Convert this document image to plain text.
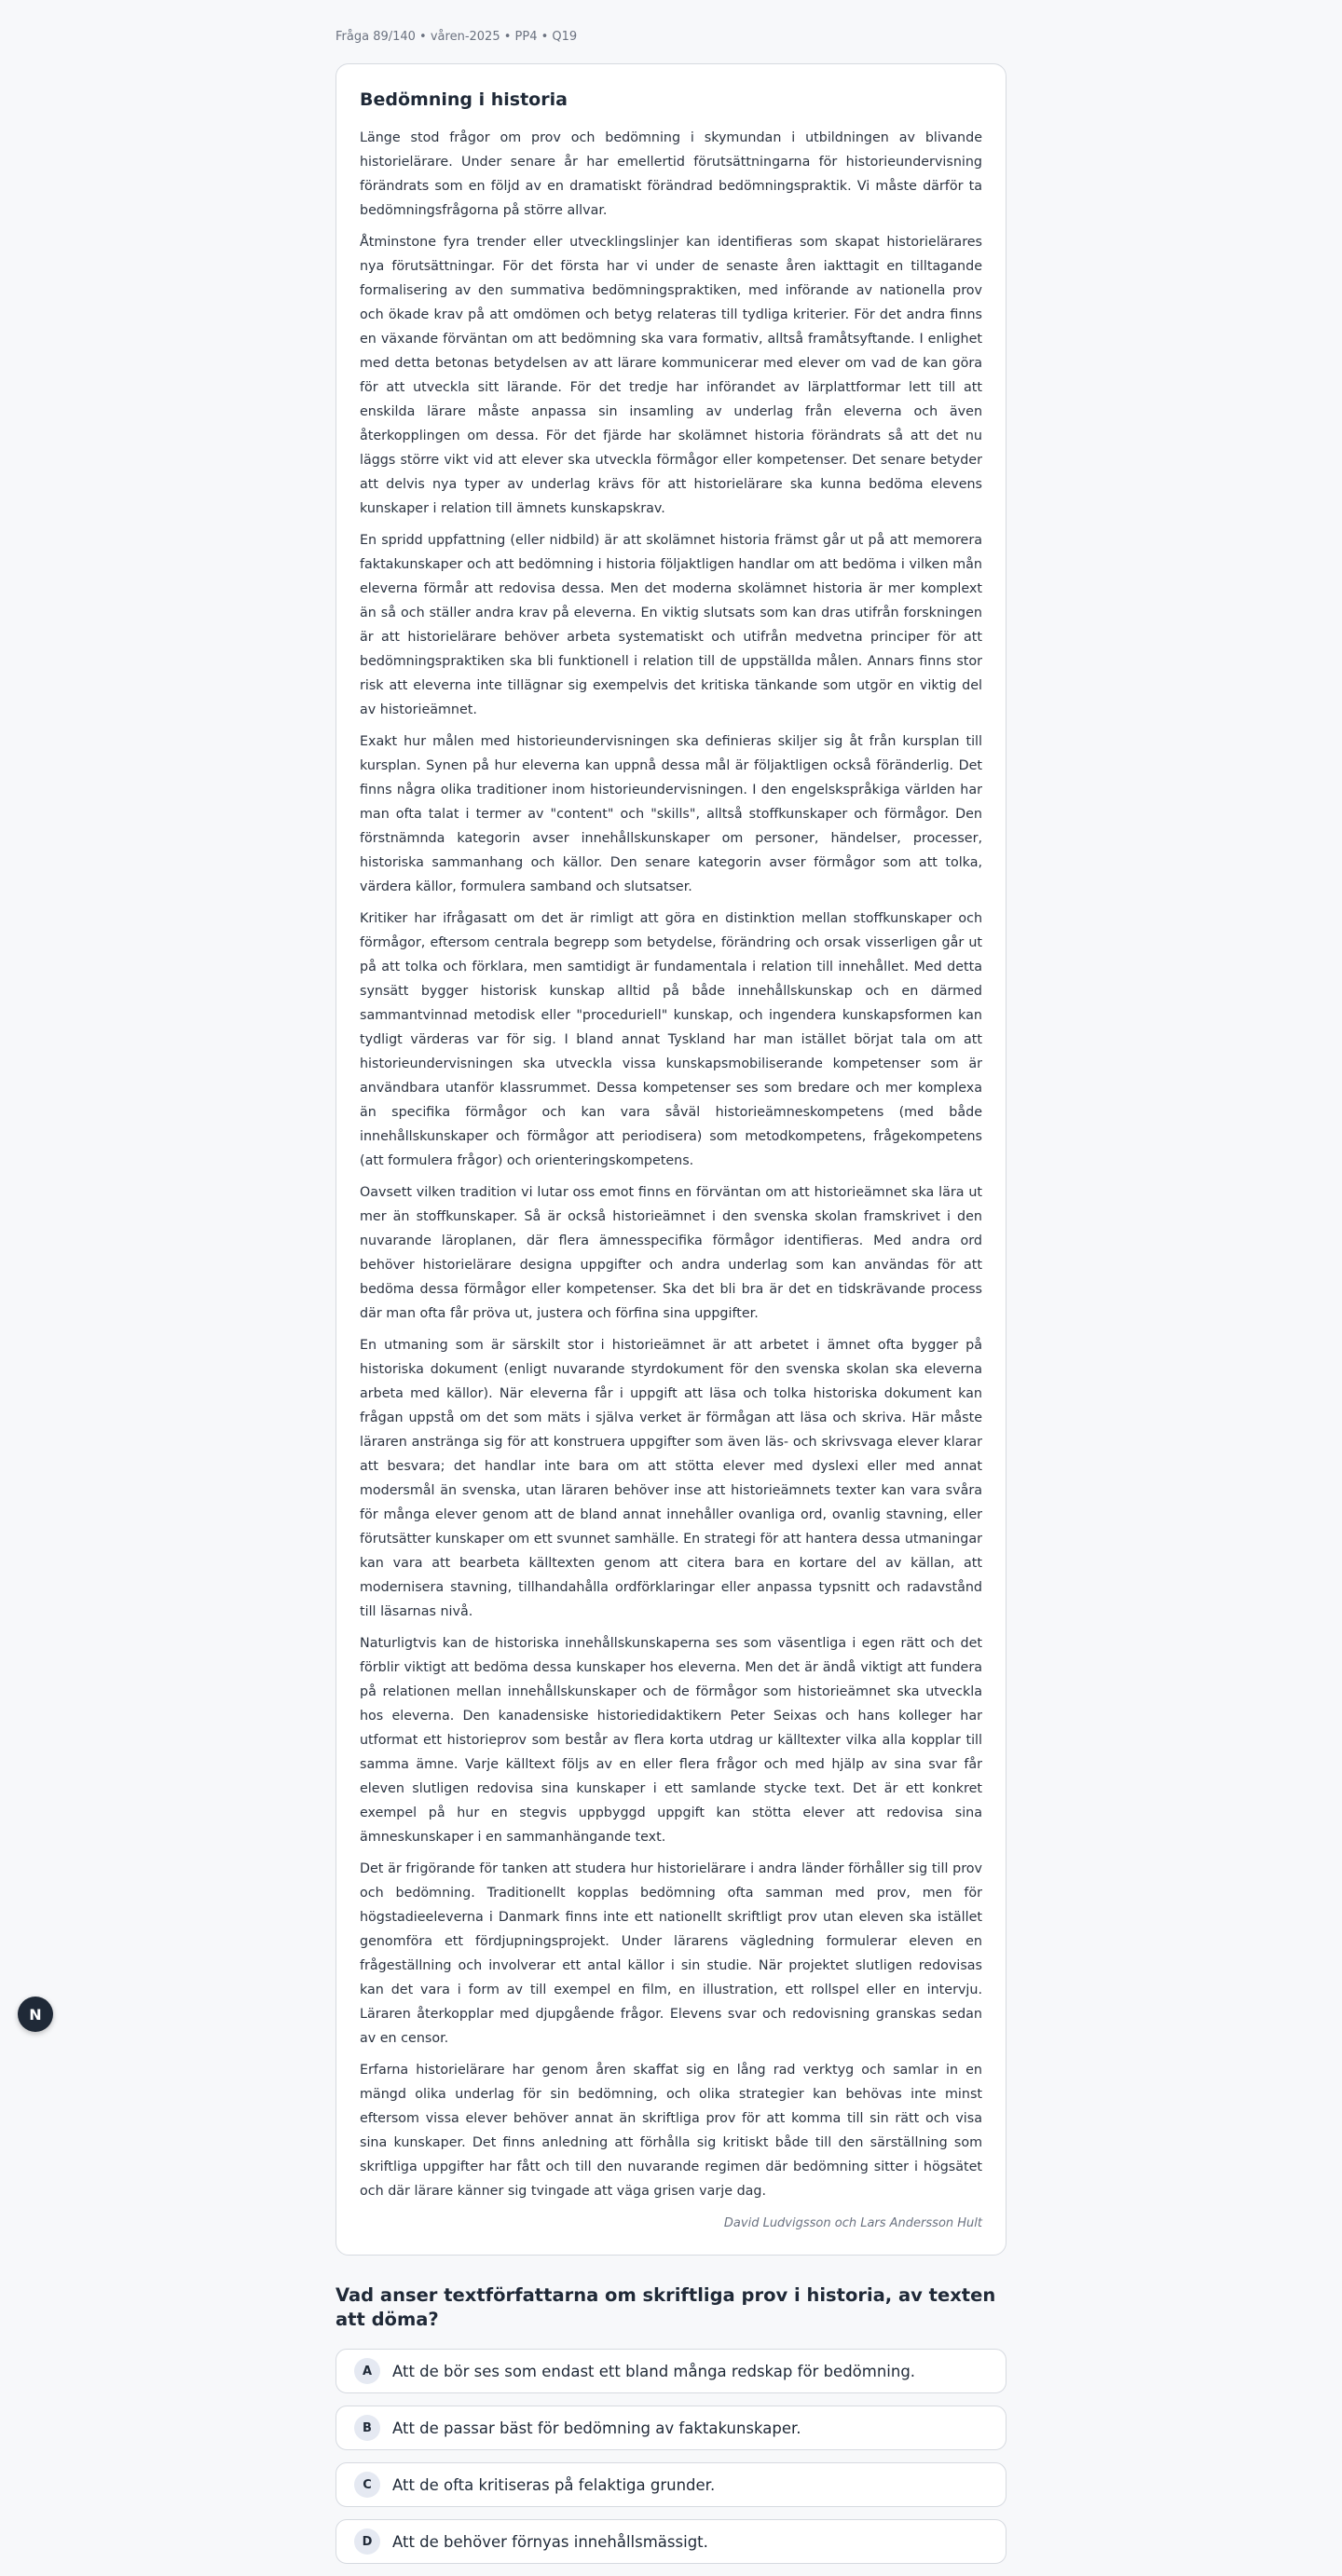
Fråga 89/140 • våren-2025 • PP4 • Q19
Bedömning i historia

Länge stod frågor om prov och bedömning i skymundan i utbildningen av blivande historielärare. Under senare år har emellertid förutsättningarna för historieundervisning förändrats som en följd av en dramatiskt förändrad bedömningspraktik. Vi måste därför ta bedömningsfrågorna på större allvar.

Åtminstone fyra trender eller utvecklingslinjer kan identifieras som skapat historielärares nya förutsättningar. För det första har vi under de senaste åren iakttagit en tilltagande formalisering av den summativa bedömningspraktiken, med införande av nationella prov och ökade krav på att omdömen och betyg relateras till tydliga kriterier. För det andra finns en växande förväntan om att bedömning ska vara formativ, alltså framåtsyftande. I enlighet med detta betonas betydelsen av att lärare kommunicerar med elever om vad de kan göra för att utveckla sitt lärande. För det tredje har införandet av lärplattformar lett till att enskilda lärare måste anpassa sin insamling av underlag från eleverna och även återkopplingen om dessa. För det fjärde har skolämnet historia förändrats så att det nu läggs större vikt vid att elever ska utveckla förmågor eller kompetenser. Det senare betyder att delvis nya typer av underlag krävs för att historielärare ska kunna bedöma elevens kunskaper i relation till ämnets kunskapskrav.

En spridd uppfattning (eller nidbild) är att skolämnet historia främst går ut på att memorera faktakunskaper och att bedömning i historia följaktligen handlar om att bedöma i vilken mån eleverna förmår att redovisa dessa. Men det moderna skolämnet historia är mer komplext än så och ställer andra krav på eleverna. En viktig slutsats som kan dras utifrån forskningen är att historielärare behöver arbeta systematiskt och utifrån medvetna principer för att bedömningspraktiken ska bli funktionell i relation till de uppställda målen. Annars finns stor risk att eleverna inte tillägnar sig exempelvis det kritiska tänkande som utgör en viktig del av historieämnet.

Exakt hur målen med historieundervisningen ska definieras skiljer sig åt från kursplan till kursplan. Synen på hur eleverna kan uppnå dessa mål är följaktligen också föränderlig. Det finns några olika traditioner inom historieundervisningen. I den engelskspråkiga världen har man ofta talat i termer av "content" och "skills", alltså stoffkunskaper och förmågor. Den förstnämnda kategorin avser innehållskunskaper om personer, händelser, processer, historiska sammanhang och källor. Den senare kategorin avser förmågor som att tolka, värdera källor, formulera samband och slutsatser.

Kritiker har ifrågasatt om det är rimligt att göra en distinktion mellan stoffkunskaper och förmågor, eftersom centrala begrepp som betydelse, förändring och orsak visserligen går ut på att tolka och förklara, men samtidigt är fundamentala i relation till innehållet. Med detta synsätt bygger historisk kunskap alltid på både innehållskunskap och en därmed sammantvinnad metodisk eller "proceduriell" kunskap, och ingendera kunskapsformen kan tydligt värderas var för sig. I bland annat Tyskland har man istället börjat tala om att historieundervisningen ska utveckla vissa kunskapsmobiliserande kompetenser som är användbara utanför klassrummet. Dessa kompetenser ses som bredare och mer komplexa än specifika förmågor och kan vara såväl historieämneskompetens (med både innehållskunskaper och förmågor att periodisera) som metodkompetens, frågekompetens (att formulera frågor) och orienteringskompetens.

Oavsett vilken tradition vi lutar oss emot finns en förväntan om att historieämnet ska lära ut mer än stoffkunskaper. Så är också historieämnet i den svenska skolan framskrivet i den nuvarande läroplanen, där flera ämnesspecifika förmågor identifieras. Med andra ord behöver historielärare designa uppgifter och andra underlag som kan användas för att bedöma dessa förmågor eller kompetenser. Ska det bli bra är det en tidskrävande process där man ofta får pröva ut, justera och förfina sina uppgifter.

En utmaning som är särskilt stor i historieämnet är att arbetet i ämnet ofta bygger på historiska dokument (enligt nuvarande styrdokument för den svenska skolan ska eleverna arbeta med källor). När eleverna får i uppgift att läsa och tolka historiska dokument kan frågan uppstå om det som mäts i själva verket är förmågan att läsa och skriva. Här måste läraren anstränga sig för att konstruera uppgifter som även läs- och skrivsvaga elever klarar att besvara; det handlar inte bara om att stötta elever med dyslexi eller med annat modersmål än svenska, utan läraren behöver inse att historieämnets texter kan vara svåra för många elever genom att de bland annat innehåller ovanliga ord, ovanlig stavning, eller förutsätter kunskaper om ett svunnet samhälle. En strategi för att hantera dessa utmaningar kan vara att bearbeta källtexten genom att citera bara en kortare del av källan, att modernisera stavning, tillhandahålla ordförklaringar eller anpassa typsnitt och radavstånd till läsarnas nivå.

Naturligtvis kan de historiska innehållskunskaperna ses som väsentliga i egen rätt och det förblir viktigt att bedöma dessa kunskaper hos eleverna. Men det är ändå viktigt att fundera på relationen mellan innehållskunskaper och de förmågor som historieämnet ska utveckla hos eleverna. Den kanadensiske historiedidaktikern Peter Seixas och hans kolleger har utformat ett historieprov som består av flera korta utdrag ur källtexter vilka alla kopplar till samma ämne. Varje källtext följs av en eller flera frågor och med hjälp av sina svar får eleven slutligen redovisa sina kunskaper i ett samlande stycke text. Det är ett konkret exempel på hur en stegvis uppbyggd uppgift kan stötta elever att redovisa sina ämneskunskaper i en sammanhängande text.

Det är frigörande för tanken att studera hur historielärare i andra länder förhåller sig till prov och bedömning. Traditionellt kopplas bedömning ofta samman med prov, men för högstadieeleverna i Danmark finns inte ett nationellt skriftligt prov utan eleven ska istället genomföra ett fördjupningsprojekt. Under lärarens vägledning formulerar eleven en frågeställning och involverar ett antal källor i sin studie. När projektet slutligen redovisas kan det vara i form av till exempel en film, en illustration, ett rollspel eller en intervju. Läraren återkopplar med djupgående frågor. Elevens svar och redovisning granskas sedan av en censor.

Erfarna historielärare har genom åren skaffat sig en lång rad verktyg och samlar in en mängd olika underlag för sin bedömning, och olika strategier kan behövas inte minst eftersom vissa elever behöver annat än skriftliga prov för att komma till sin rätt och visa sina kunskaper. Det finns anledning att förhålla sig kritiskt både till den särställning som skriftliga uppgifter har fått och till den nuvarande regimen där bedömning sitter i högsätet och där lärare känner sig tvingade att väga grisen varje dag.

David Ludvigsson och Lars Andersson Hult
Vad anser textförfattarna om skriftliga prov i historia, av texten att döma?
A	Att de bör ses som endast ett bland många redskap för bedömning.
B	Att de passar bäst för bedömning av faktakunskaper.
C	Att de ofta kritiseras på felaktiga grunder.
D	Att de behöver förnyas innehållsmässigt.
N
